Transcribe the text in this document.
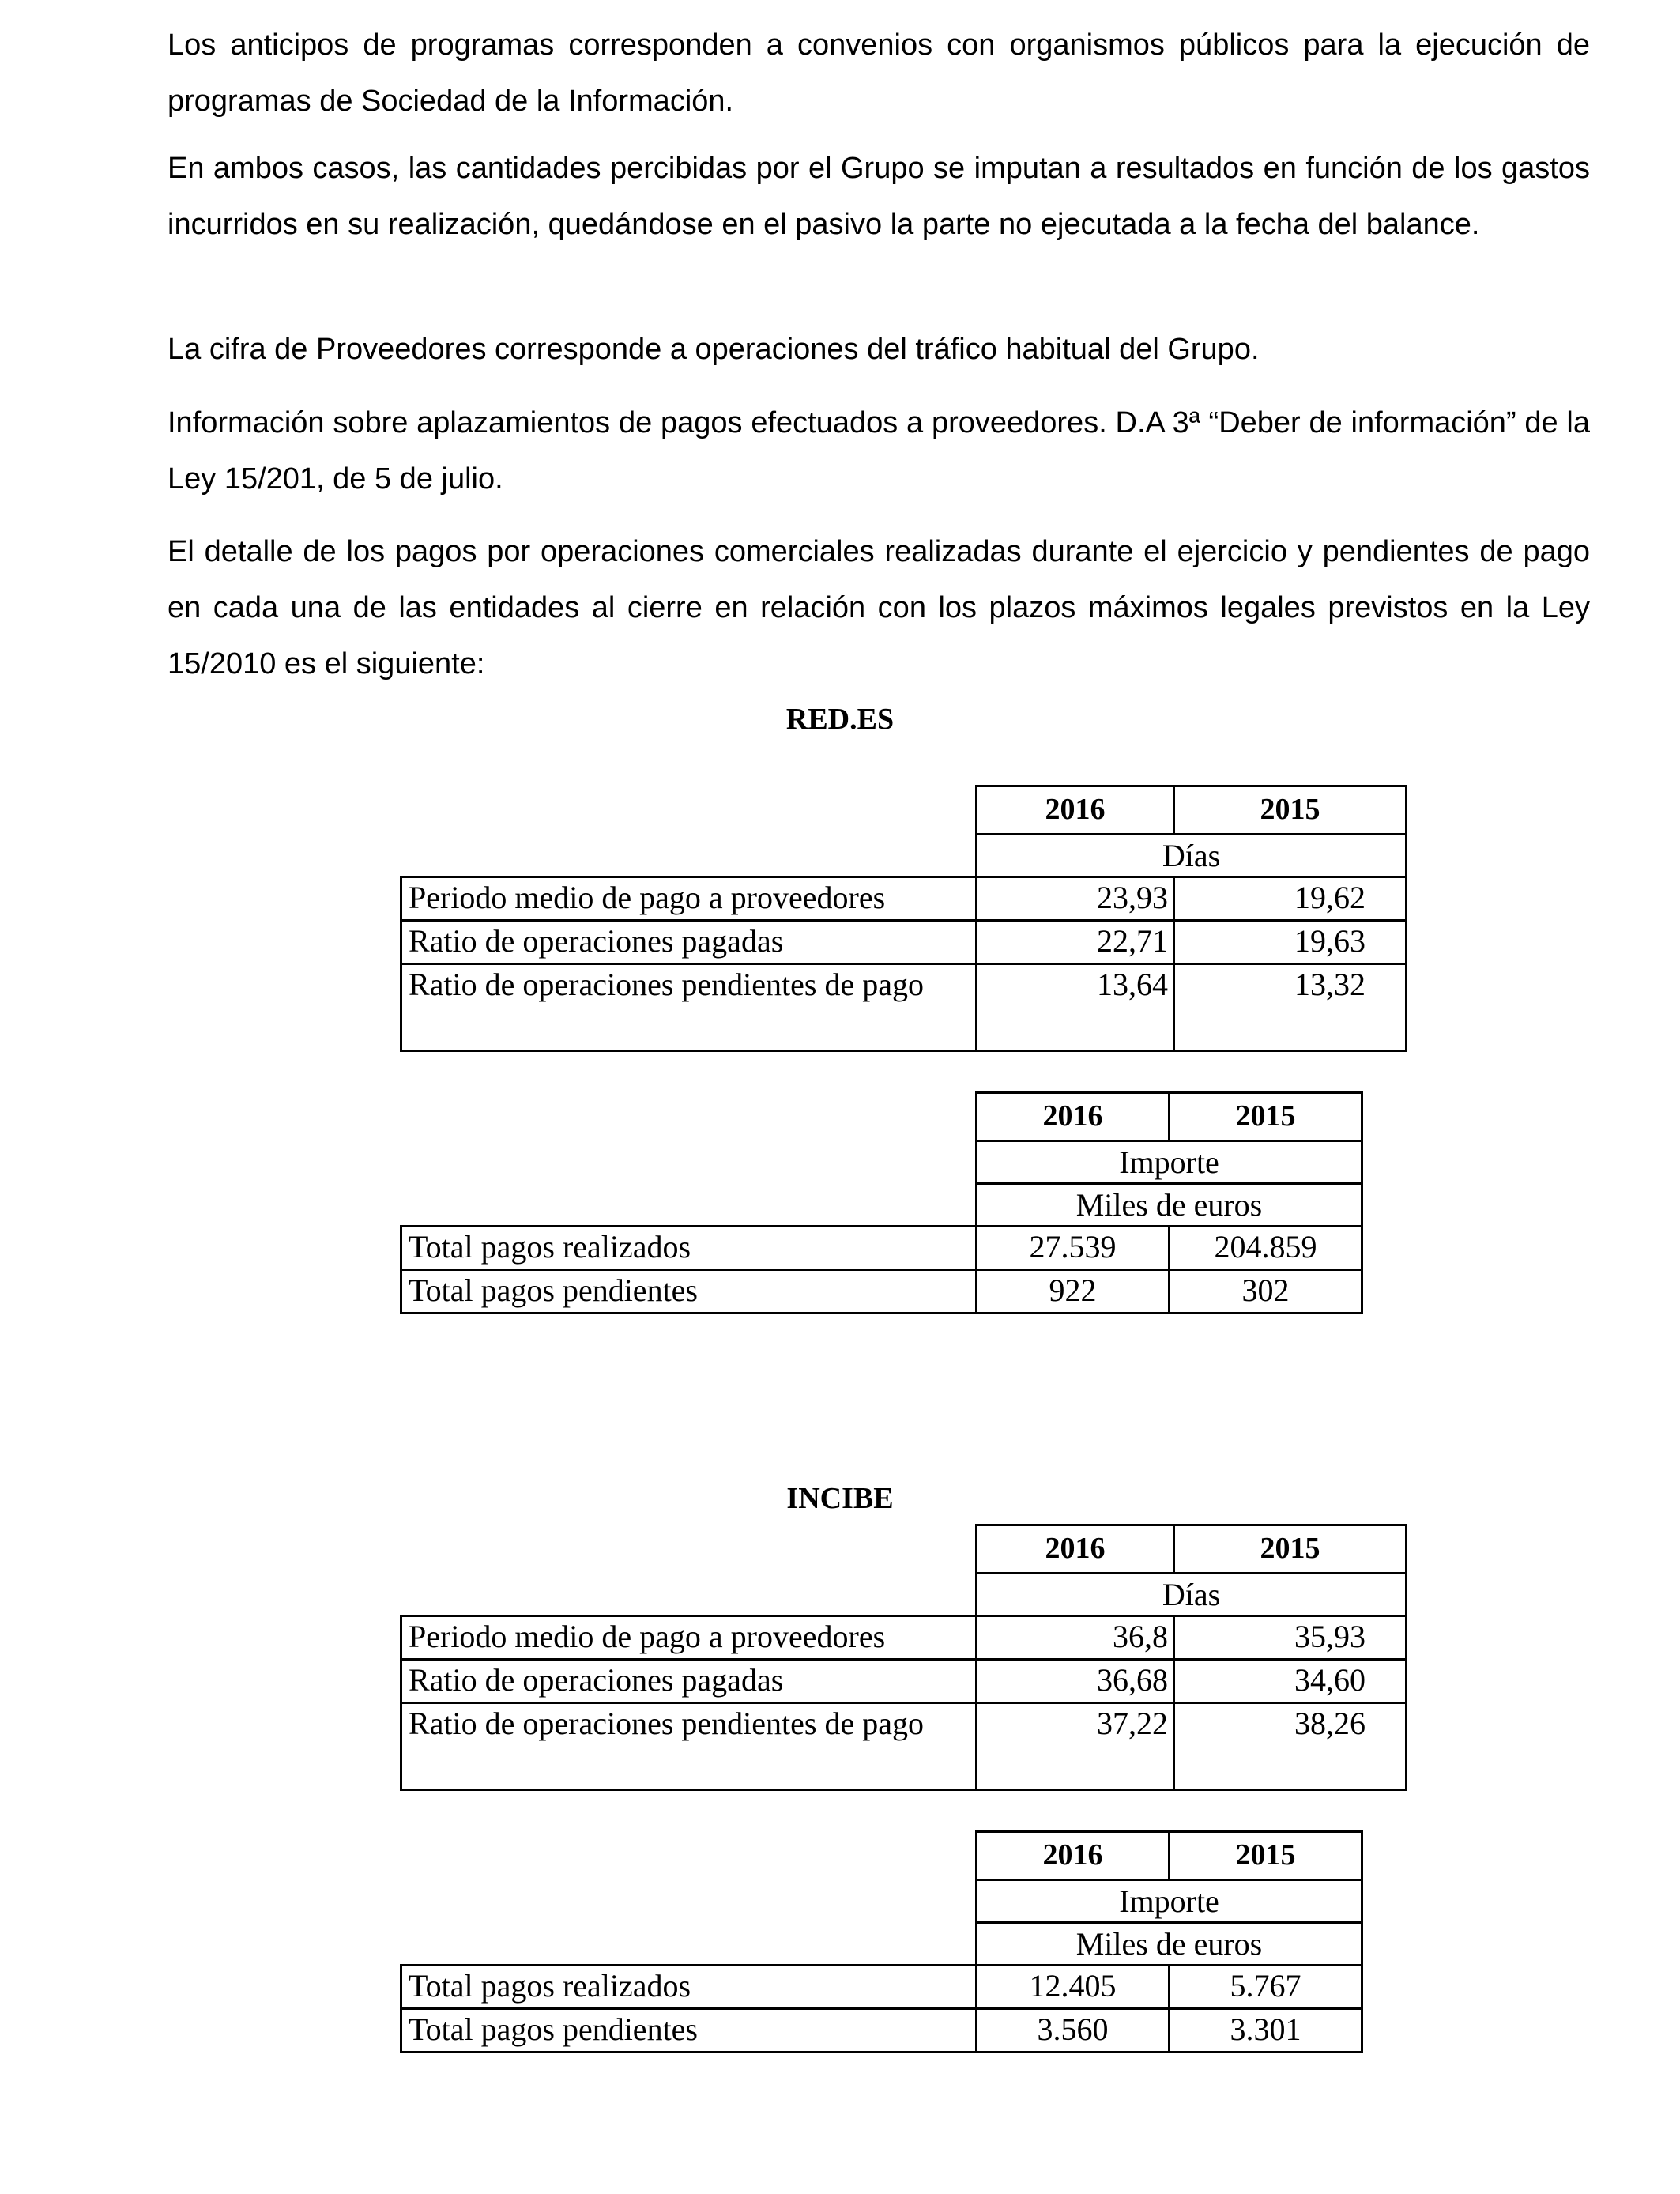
Los anticipos de programas corresponden a convenios con organismos públicos para la ejecución de programas de Sociedad de la Información.

En ambos casos, las cantidades percibidas por el Grupo se imputan a resultados en función de los gastos incurridos en su realización, quedándose en el pasivo la parte no ejecutada a la fecha del balance.

La cifra de Proveedores corresponde a operaciones del tráfico habitual del Grupo.

Información sobre aplazamientos de pagos efectuados a proveedores. D.A 3ª “Deber de información” de la Ley 15/201, de 5 de julio.

El detalle de los pagos por operaciones comerciales realizadas durante el ejercicio y pendientes de pago en cada una de las entidades al cierre en relación con los plazos máximos legales previstos en la Ley 15/2010 es el siguiente:

RED.ES
	2016	2015
	Días	
Periodo medio de pago a proveedores	23,93	19,62
Ratio de operaciones pagadas	22,71	19,63
Ratio de operaciones pendientes de pago	13,64	13,32
	2016	2015
	Importe	
	Miles de euros	
Total pagos realizados	27.539	204.859
Total pagos pendientes	922	302
INCIBE
	2016	2015
	Días	
Periodo medio de pago a proveedores	36,8	35,93
Ratio de operaciones pagadas	36,68	34,60
Ratio de operaciones pendientes de pago	37,22	38,26
	2016	2015
	Importe	
	Miles de euros	
Total pagos realizados	12.405	5.767
Total pagos pendientes	3.560	3.301
